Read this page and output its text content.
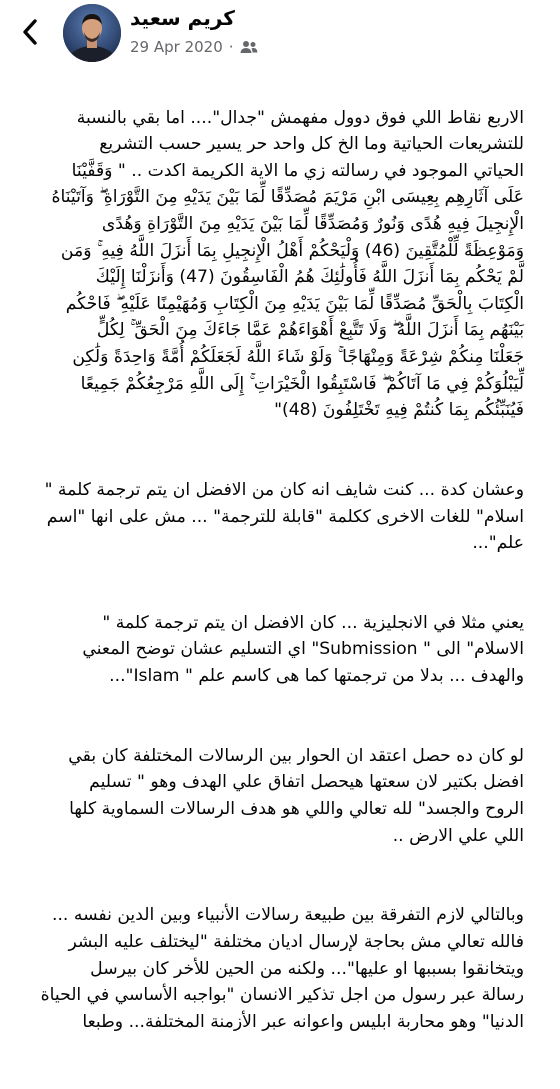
كريم سعيد
29 Apr 2020 ·

الاربع نقاط اللي فوق دوول مفهمش "جدال".... اما بقي بالنسبة
للتشريعات الحياتية وما الخ كل واحد حر يسير حسب التشريع
الحياتي الموجود في رسالته زي ما الاية الكريمة اكدت .. " وَقَفَّيْنَا
عَلَى آثَارِهِم بِعِيسَى ابْنِ مَرْيَمَ مُصَدِّقًا لِّمَا بَيْنَ يَدَيْهِ مِنَ التَّوْرَاةِ ۖ وَآتَيْنَاهُ
الْإِنجِيلَ فِيهِ هُدًى وَنُورٌ وَمُصَدِّقًا لِّمَا بَيْنَ يَدَيْهِ مِنَ التَّوْرَاةِ وَهُدًى
وَمَوْعِظَةً لِّلْمُتَّقِينَ (46) وَلْيَحْكُمْ أَهْلُ الْإِنجِيلِ بِمَا أَنزَلَ اللَّهُ فِيهِ ۚ وَمَن
لَّمْ يَحْكُم بِمَا أَنزَلَ اللَّهُ فَأُولَٰئِكَ هُمُ الْفَاسِقُونَ (47) وَأَنزَلْنَا إِلَيْكَ
الْكِتَابَ بِالْحَقِّ مُصَدِّقًا لِّمَا بَيْنَ يَدَيْهِ مِنَ الْكِتَابِ وَمُهَيْمِنًا عَلَيْهِ ۖ فَاحْكُم
بَيْنَهُم بِمَا أَنزَلَ اللَّهُ ۖ وَلَا تَتَّبِعْ أَهْوَاءَهُمْ عَمَّا جَاءَكَ مِنَ الْحَقِّ ۚ لِكُلٍّ
جَعَلْنَا مِنكُمْ شِرْعَةً وَمِنْهَاجًا ۚ وَلَوْ شَاءَ اللَّهُ لَجَعَلَكُمْ أُمَّةً وَاحِدَةً وَلَٰكِن
لِّيَبْلُوَكُمْ فِي مَا آتَاكُمْ ۖ فَاسْتَبِقُوا الْخَيْرَاتِ ۚ إِلَى اللَّهِ مَرْجِعُكُمْ جَمِيعًا
فَيُنَبِّئُكُم بِمَا كُنتُمْ فِيهِ تَخْتَلِفُونَ (48)"

وعشان كدة ... كنت شايف انه كان من الافضل ان يتم ترجمة كلمة "
اسلام" للغات الاخرى ككلمة "قابلة للترجمة" ... مش على انها "اسم
علم"...

يعني مثلا في الانجليزية ... كان الافضل ان يتم ترجمة كلمة "
الاسلام" الى " Submission" اي التسليم عشان توضح المعني
والهدف ... بدلا من ترجمتها كما هى كاسم علم " Islam"...

لو كان ده حصل اعتقد ان الحوار بين الرسالات المختلفة كان بقي
افضل بكتير لان سعتها هيحصل اتفاق علي الهدف وهو " تسليم
الروح والجسد" لله تعالي واللي هو هدف الرسالات السماوية كلها
اللي علي الارض ..

وبالتالي لازم التفرقة بين طبيعة رسالات الأنبياء وبين الدين نفسه ...
فالله تعالي مش بحاجة لإرسال اديان مختلفة "ليختلف عليه البشر
ويتخانقوا بسببها او عليها"... ولكنه من الحين للأخر كان بيرسل
رسالة عبر رسول من اجل تذكير الانسان "بواجبه الأساسي في الحياة
الدنيا" وهو محاربة ابليس واعوانه عبر الأزمنة المختلفة... وطبعا
